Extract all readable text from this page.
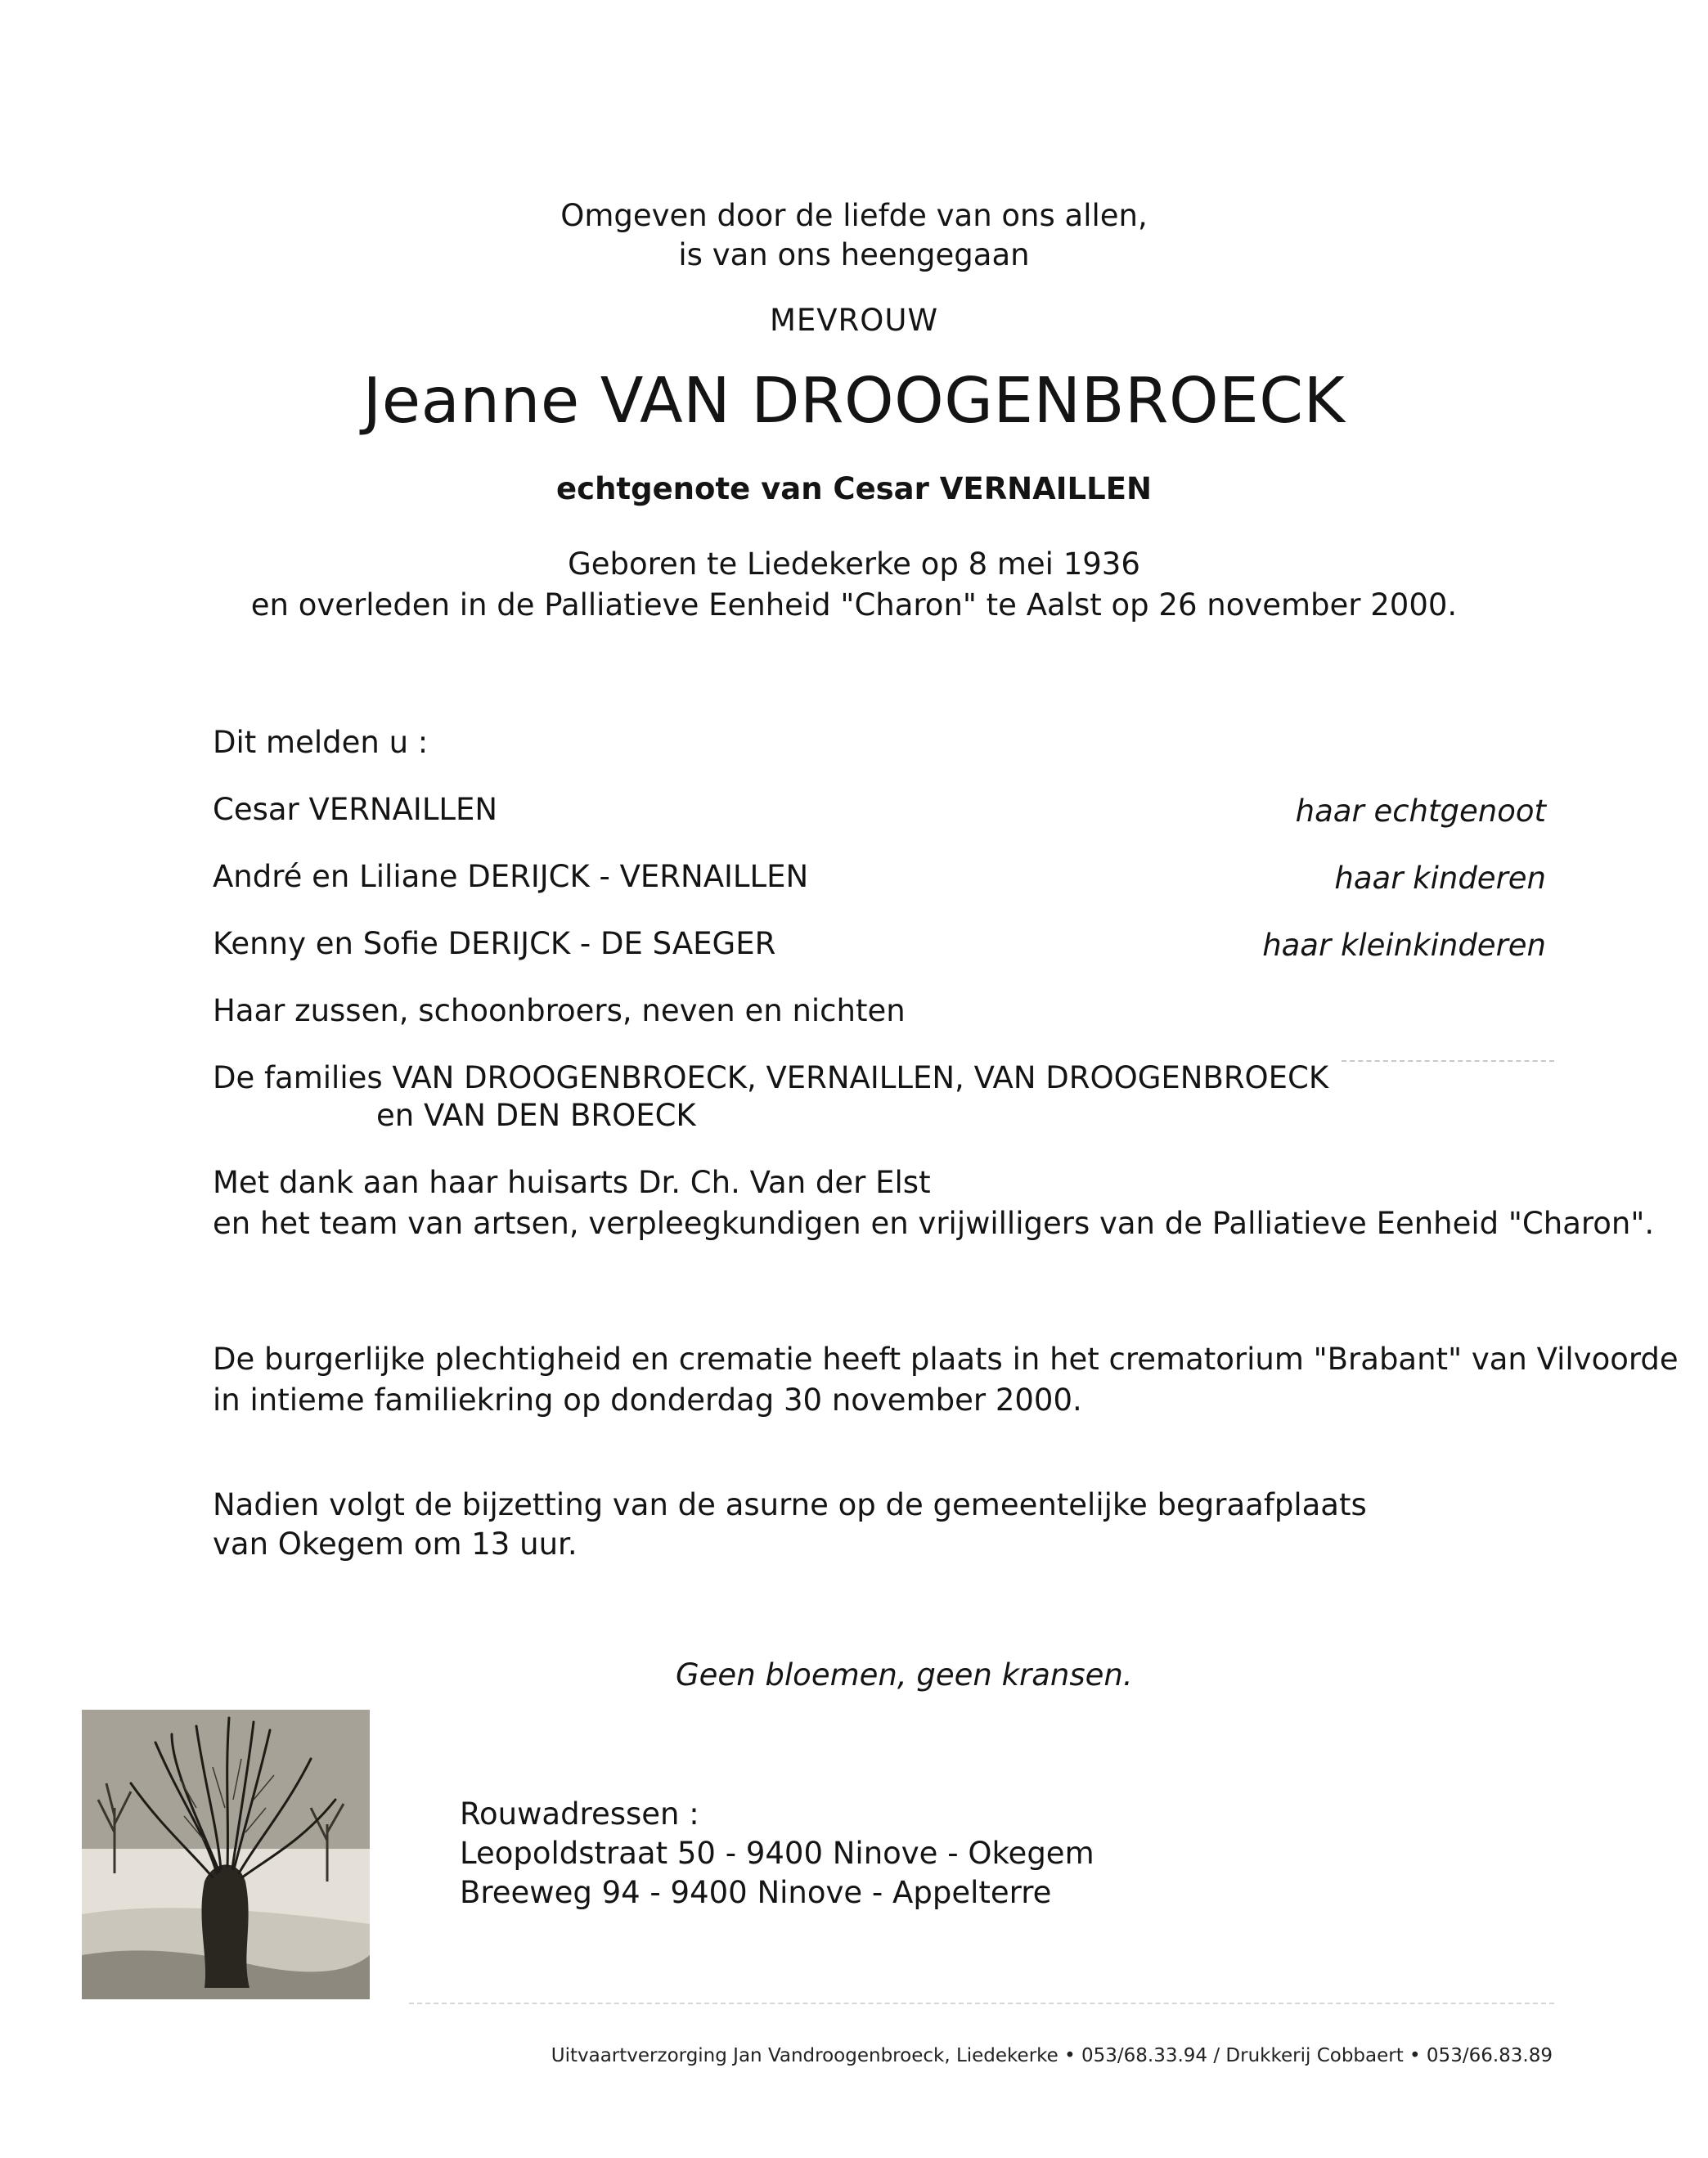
Omgeven door de liefde van ons allen,

is van ons heengegaan

MEVROUW

Jeanne VAN DROOGENBROECK

echtgenote van Cesar VERNAILLEN

Geboren te Liedekerke op 8 mei 1936

en overleden in de Palliatieve Eenheid "Charon" te Aalst op 26 november 2000.

Dit melden u :

Cesar VERNAILLEN	haar echtgenoot

André en Liliane DERIJCK - VERNAILLEN	haar kinderen

Kenny en Sofie DERIJCK - DE SAEGER	haar kleinkinderen

Haar zussen, schoonbroers, neven en nichten

De families VAN DROOGENBROECK, VERNAILLEN, VAN DROOGENBROECK

en VAN DEN BROECK

Met dank aan haar huisarts Dr. Ch. Van der Elst

en het team van artsen, verpleegkundigen en vrijwilligers van de Palliatieve Eenheid "Charon".

De burgerlijke plechtigheid en crematie heeft plaats in het crematorium "Brabant" van Vilvoorde

in intieme familiekring op donderdag 30 november 2000.

Nadien volgt de bijzetting van de asurne op de gemeentelijke begraafplaats

van Okegem om 13 uur.

Geen bloemen, geen kransen.

Rouwadressen :

Leopoldstraat 50 - 9400 Ninove - Okegem

Breeweg 94 - 9400 Ninove - Appelterre

Uitvaartverzorging Jan Vandroogenbroeck, Liedekerke • 053/68.33.94 / Drukkerij Cobbaert • 053/66.83.89
